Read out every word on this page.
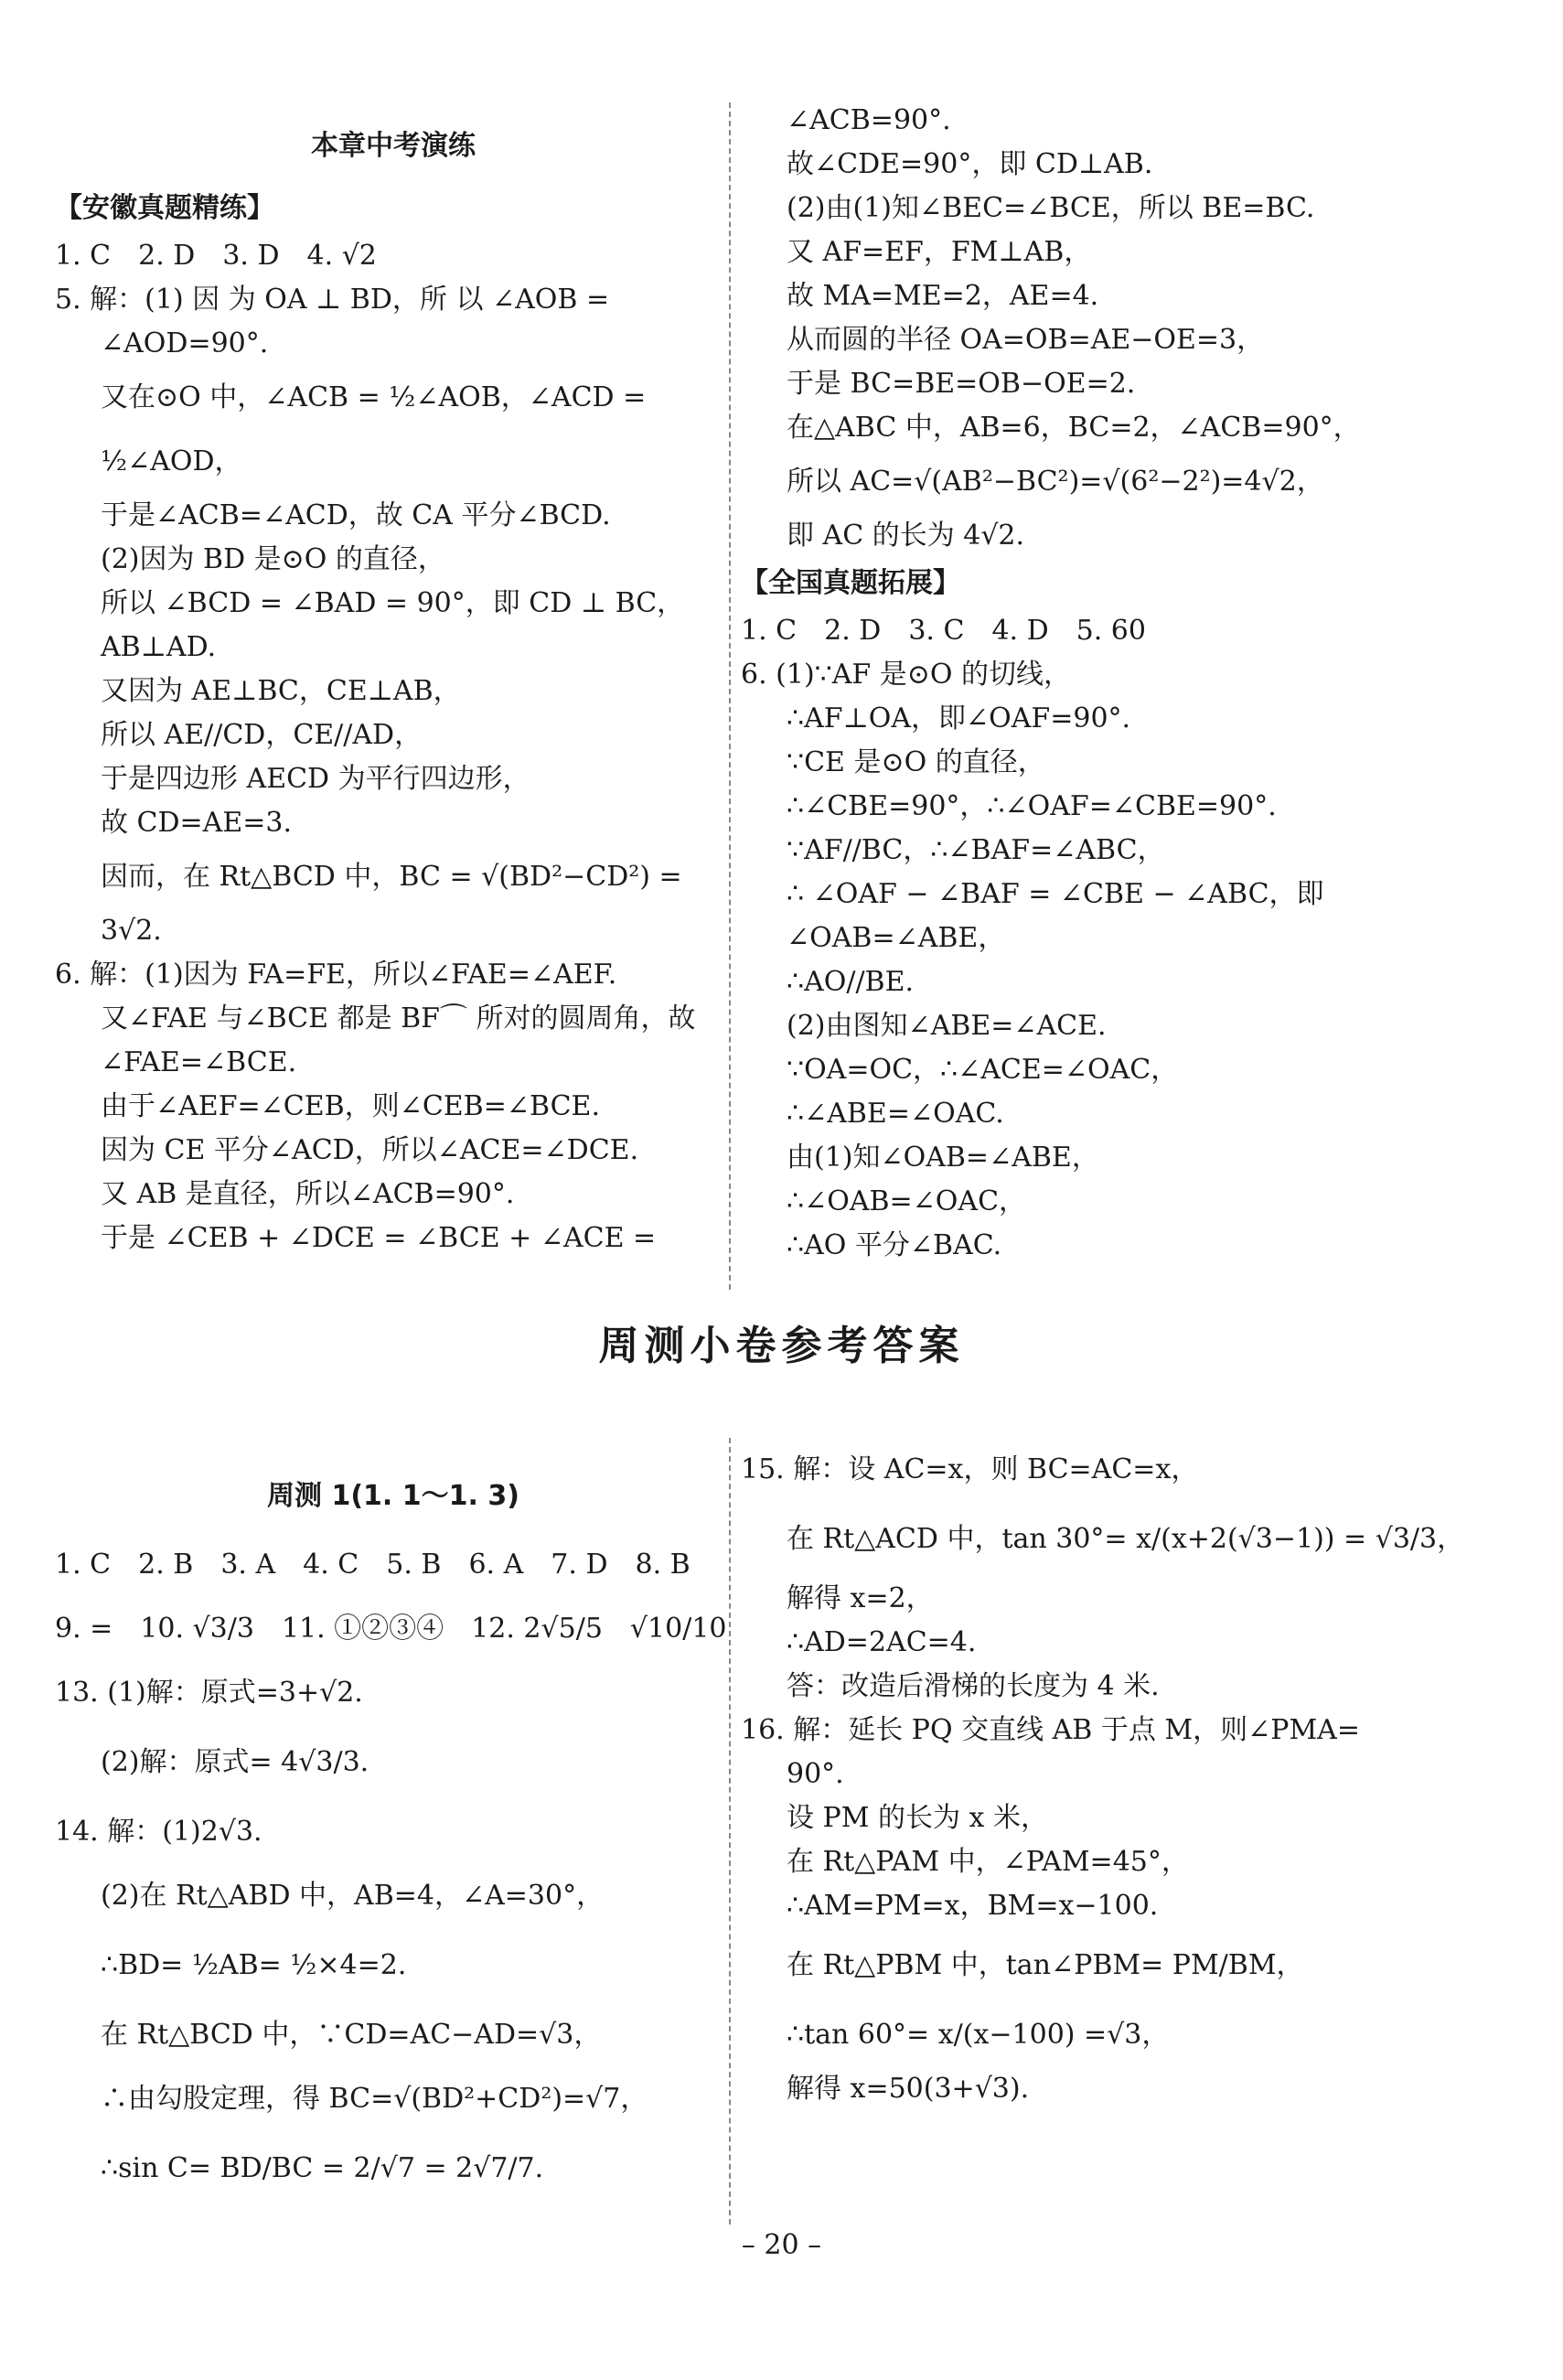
本章中考演练
【安徽真题精练】
1. C　2. D　3. D　4. √2
5. 解：(1) 因 为 OA ⊥ BD，所 以 ∠AOB =
∠AOD=90°.
又在⊙O 中，∠ACB = ½∠AOB，∠ACD =
½∠AOD，
于是∠ACB=∠ACD，故 CA 平分∠BCD.
(2)因为 BD 是⊙O 的直径，
所以 ∠BCD = ∠BAD = 90°，即 CD ⊥ BC，
AB⊥AD.
又因为 AE⊥BC，CE⊥AB，
所以 AE//CD，CE//AD，
于是四边形 AECD 为平行四边形，
故 CD=AE=3.
因而，在 Rt△BCD 中，BC = √(BD²−CD²) =
3√2.
6. 解：(1)因为 FA=FE，所以∠FAE=∠AEF.
又∠FAE 与∠BCE 都是 BF⌒ 所对的圆周角，故
∠FAE=∠BCE.
由于∠AEF=∠CEB，则∠CEB=∠BCE.
因为 CE 平分∠ACD，所以∠ACE=∠DCE.
又 AB 是直径，所以∠ACB=90°.
于是 ∠CEB + ∠DCE = ∠BCE + ∠ACE =
∠ACB=90°.
故∠CDE=90°，即 CD⊥AB.
(2)由(1)知∠BEC=∠BCE，所以 BE=BC.
又 AF=EF，FM⊥AB，
故 MA=ME=2，AE=4.
从而圆的半径 OA=OB=AE−OE=3，
于是 BC=BE=OB−OE=2.
在△ABC 中，AB=6，BC=2，∠ACB=90°，
所以 AC=√(AB²−BC²)=√(6²−2²)=4√2，
即 AC 的长为 4√2.
【全国真题拓展】
1. C　2. D　3. C　4. D　5. 60
6. (1)∵AF 是⊙O 的切线，
∴AF⊥OA，即∠OAF=90°.
∵CE 是⊙O 的直径，
∴∠CBE=90°，∴∠OAF=∠CBE=90°.
∵AF//BC，∴∠BAF=∠ABC，
∴ ∠OAF − ∠BAF = ∠CBE − ∠ABC，即
∠OAB=∠ABE，
∴AO//BE.
(2)由图知∠ABE=∠ACE.
∵OA=OC，∴∠ACE=∠OAC，
∴∠ABE=∠OAC.
由(1)知∠OAB=∠ABE，
∴∠OAB=∠OAC，
∴AO 平分∠BAC.
周测小卷参考答案
周测 1(1. 1～1. 3)
1. C　2. B　3. A　4. C　5. B　6. A　7. D　8. B
9. =　10. √3/3　11. ①②③④　12. 2√5/5　√10/10
13. (1)解：原式=3+√2.
(2)解：原式= 4√3/3.
14. 解：(1)2√3.
(2)在 Rt△ABD 中，AB=4，∠A=30°，
∴BD= ½AB= ½×4=2.
在 Rt△BCD 中，∵CD=AC−AD=√3，
∴由勾股定理，得 BC=√(BD²+CD²)=√7，
∴sin C= BD/BC = 2/√7 = 2√7/7.
15. 解：设 AC=x，则 BC=AC=x，
在 Rt△ACD 中，tan 30°= x/(x+2(√3−1)) = √3/3，
解得 x=2，
∴AD=2AC=4.
答：改造后滑梯的长度为 4 米.
16. 解：延长 PQ 交直线 AB 于点 M，则∠PMA=
90°.
设 PM 的长为 x 米，
在 Rt△PAM 中，∠PAM=45°，
∴AM=PM=x，BM=x−100.
在 Rt△PBM 中，tan∠PBM= PM/BM，
∴tan 60°= x/(x−100) =√3，
解得 x=50(3+√3).
– 20 –
